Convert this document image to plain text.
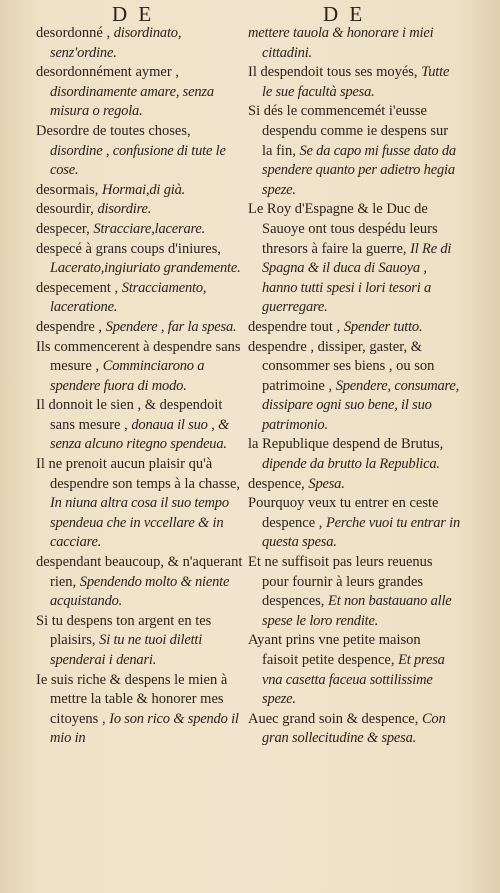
D E	D E

desordonné , disordinato, senz'ordine.

desordonnément aymer , disordinamente amare, senza misura o regola.

Desordre de toutes choses, disordine , confusione di tute le cose.

desormais, Hormai,di già.

desourdir, disordire.

despecer, Stracciare,lacerare.

despecé à grans coups d'iniures, Lacerato,ingiuriato grandemente.

despecement , Stracciamento, laceratione.

despendre , Spendere , far la spesa.

Ils commencerent à despendre sans mesure , Comminciarono a spendere fuora di modo.

Il donnoit le sien , & despendoit sans mesure , donaua il suo , & senza alcuno ritegno spendeua.

Il ne prenoit aucun plaisir qu'à despendre son temps à la chasse, In niuna altra cosa il suo tempo spendeua che in vccellare & in cacciare.

despendant beaucoup, & n'aquerant rien, Spendendo molto & niente acquistando.

Si tu despens ton argent en tes plaisirs, Si tu ne tuoi diletti spenderai i denari.

Ie suis riche & despens le mien à mettre la table & honorer mes citoyens , Io son rico & spendo il mio in

mettere tauola & honorare i miei cittadini.

Il despendoit tous ses moyés, Tutte le sue facultà spesa.

Si dés le commencemét i'eusse despendu comme ie despens sur la fin, Se da capo mi fusse dato da spendere quanto per adietro hegia speze.

Le Roy d'Espagne & le Duc de Sauoye ont tous despédu leurs thresors à faire la guerre, Il Re di Spagna & il duca di Sauoya , hanno tutti spesi i lori tesori a guerregare.

despendre tout , Spender tutto.

despendre , dissiper, gaster, & consommer ses biens , ou son patrimoine , Spendere, consumare, dissipare ogni suo bene, il suo patrimonio.

la Republique despend de Brutus, dipende da brutto la Republica.

despence, Spesa.

Pourquoy veux tu entrer en ceste despence , Perche vuoi tu entrar in questa spesa.

Et ne suffisoit pas leurs reuenus pour fournir à leurs grandes despences, Et non bastauano alle spese le loro rendite.

Ayant prins vne petite maison faisoit petite despence, Et presa vna casetta faceua sottilissime speze.

Auec grand soin & despence, Con gran sollecitudine & spesa.
